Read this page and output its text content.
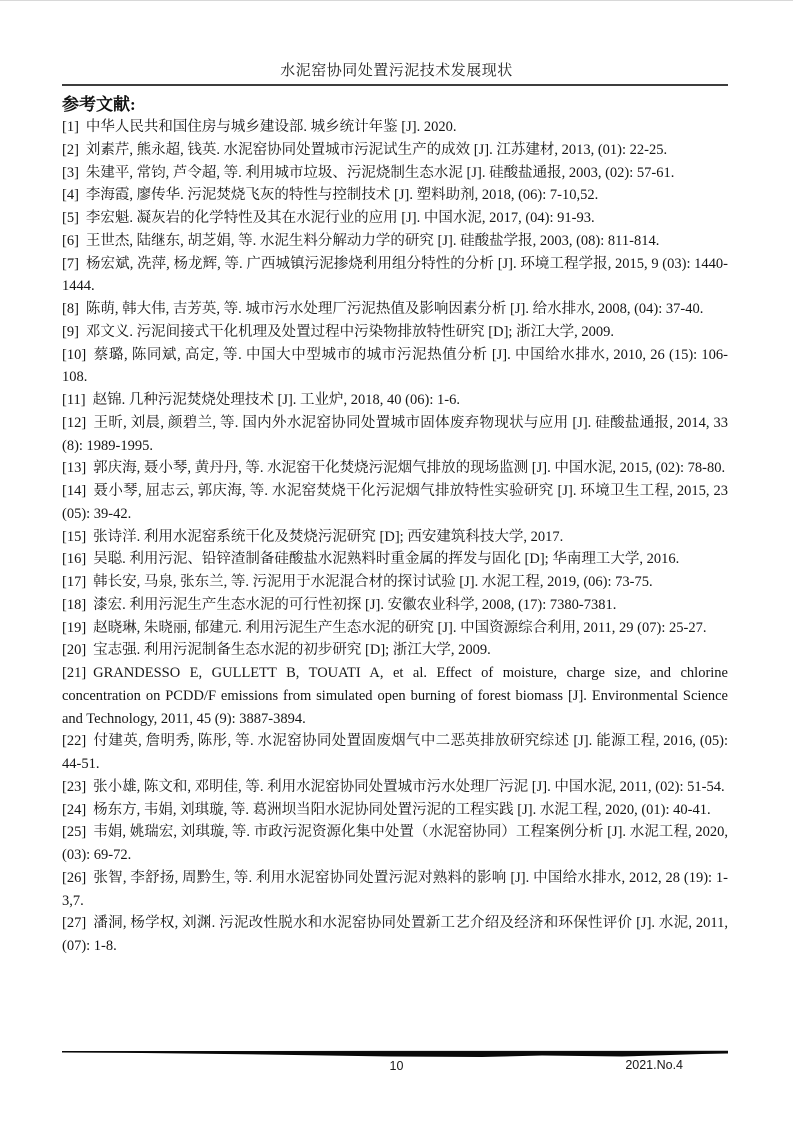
水泥窑协同处置污泥技术发展现状
参考文献:

[1] 中华人民共和国住房与城乡建设部. 城乡统计年鉴 [J]. 2020.

[2] 刘素芹, 熊永超, 钱英. 水泥窑协同处置城市污泥试生产的成效 [J]. 江苏建材, 2013, (01): 22-25.

[3] 朱建平, 常钧, 芦令超, 等. 利用城市垃圾、污泥烧制生态水泥 [J]. 硅酸盐通报, 2003, (02): 57-61.

[4] 李海霞, 廖传华. 污泥焚烧飞灰的特性与控制技术 [J]. 塑料助剂, 2018, (06): 7-10,52.

[5] 李宏魁. 凝灰岩的化学特性及其在水泥行业的应用 [J]. 中国水泥, 2017, (04): 91-93.

[6] 王世杰, 陆继东, 胡芝娟, 等. 水泥生料分解动力学的研究 [J]. 硅酸盐学报, 2003, (08): 811-814.

[7] 杨宏斌, 冼萍, 杨龙辉, 等. 广西城镇污泥掺烧利用组分特性的分析 [J]. 环境工程学报, 2015, 9 (03): 1440-1444.

[8] 陈萌, 韩大伟, 吉芳英, 等. 城市污水处理厂污泥热值及影响因素分析 [J]. 给水排水, 2008, (04): 37-40.

[9] 邓文义. 污泥间接式干化机理及处置过程中污染物排放特性研究 [D]; 浙江大学, 2009.

[10] 蔡璐, 陈同斌, 高定, 等. 中国大中型城市的城市污泥热值分析 [J]. 中国给水排水, 2010, 26 (15): 106-108.

[11] 赵锦. 几种污泥焚烧处理技术 [J]. 工业炉, 2018, 40 (06): 1-6.

[12] 王昕, 刘晨, 颜碧兰, 等. 国内外水泥窑协同处置城市固体废弃物现状与应用 [J]. 硅酸盐通报, 2014, 33 (8): 1989-1995.

[13] 郭庆海, 聂小琴, 黄丹丹, 等. 水泥窑干化焚烧污泥烟气排放的现场监测 [J]. 中国水泥, 2015, (02): 78-80.

[14] 聂小琴, 屈志云, 郭庆海, 等. 水泥窑焚烧干化污泥烟气排放特性实验研究 [J]. 环境卫生工程, 2015, 23 (05): 39-42.

[15] 张诗洋. 利用水泥窑系统干化及焚烧污泥研究 [D]; 西安建筑科技大学, 2017.

[16] 吴聪. 利用污泥、铅锌渣制备硅酸盐水泥熟料时重金属的挥发与固化 [D]; 华南理工大学, 2016.

[17] 韩长安, 马泉, 张东兰, 等. 污泥用于水泥混合材的探讨试验 [J]. 水泥工程, 2019, (06): 73-75.

[18] 漆宏. 利用污泥生产生态水泥的可行性初探 [J]. 安徽农业科学, 2008, (17): 7380-7381.

[19] 赵晓琳, 朱晓丽, 郁建元. 利用污泥生产生态水泥的研究 [J]. 中国资源综合利用, 2011, 29 (07): 25-27.

[20] 宝志强. 利用污泥制备生态水泥的初步研究 [D]; 浙江大学, 2009.

[21] GRANDESSO E, GULLETT B, TOUATI A, et al. Effect of moisture, charge size, and chlorine concentration on PCDD/F emissions from simulated open burning of forest biomass [J]. Environmental Science and Technology, 2011, 45 (9): 3887-3894.

[22] 付建英, 詹明秀, 陈彤, 等. 水泥窑协同处置固废烟气中二恶英排放研究综述 [J]. 能源工程, 2016, (05): 44-51.

[23] 张小雄, 陈文和, 邓明佳, 等. 利用水泥窑协同处置城市污水处理厂污泥 [J]. 中国水泥, 2011, (02): 51-54.

[24] 杨东方, 韦娟, 刘琪璇, 等. 葛洲坝当阳水泥协同处置污泥的工程实践 [J]. 水泥工程, 2020, (01): 40-41.

[25] 韦娟, 姚瑞宏, 刘琪璇, 等. 市政污泥资源化集中处置（水泥窑协同）工程案例分析 [J]. 水泥工程, 2020, (03): 69-72.

[26] 张智, 李舒扬, 周黔生, 等. 利用水泥窑协同处置污泥对熟料的影响 [J]. 中国给水排水, 2012, 28 (19): 1-3,7.

[27] 潘洞, 杨学权, 刘渊. 污泥改性脱水和水泥窑协同处置新工艺介绍及经济和环保性评价 [J]. 水泥, 2011, (07): 1-8.

10	2021.No.4
